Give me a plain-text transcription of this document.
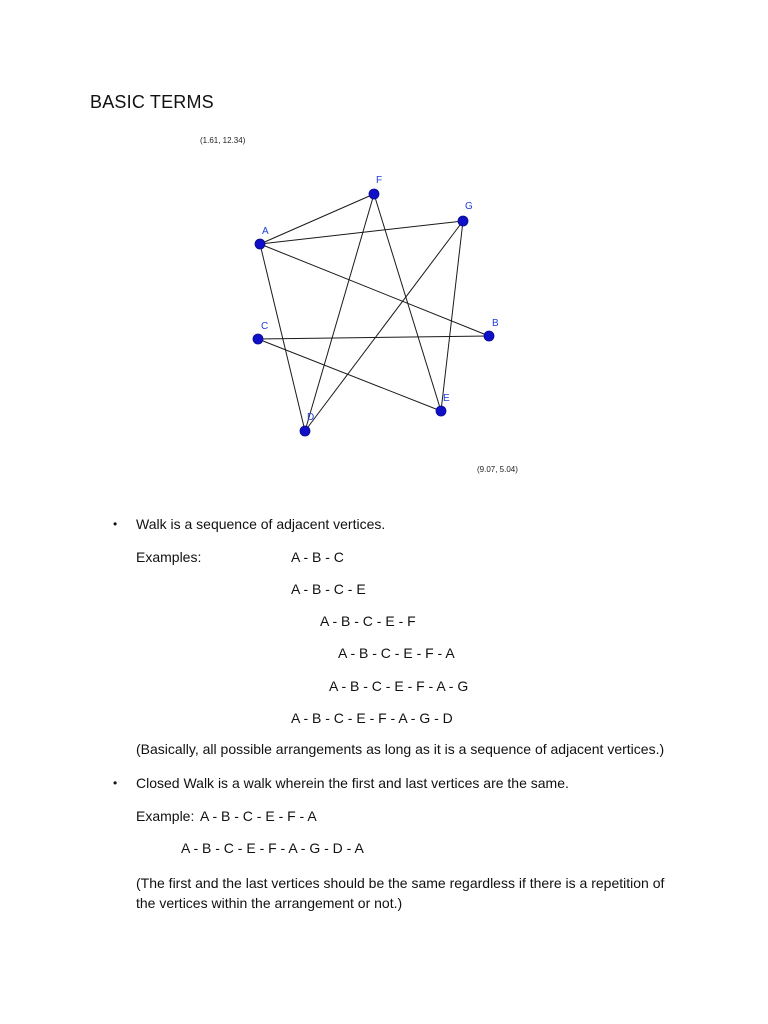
BASIC TERMS
(1.61, 12.34)
(9.07, 5.04)
A
F
G
B
C
E
D
• Walk is a sequence of adjacent vertices.
Examples:	A - B - C
A - B - C - E
A - B - C - E - F
A - B - C - E - F - A
A - B - C - E - F - A - G
A - B - C - E - F - A - G - D
(Basically, all possible arrangements as long as it is a sequence of adjacent vertices.)
• Closed Walk is a walk wherein the first and last vertices are the same.
Example: A - B - C - E - F - A
A - B - C - E - F - A - G - D - A
(The first and the last vertices should be the same regardless if there is a repetition of the vertices within the arrangement or not.)
